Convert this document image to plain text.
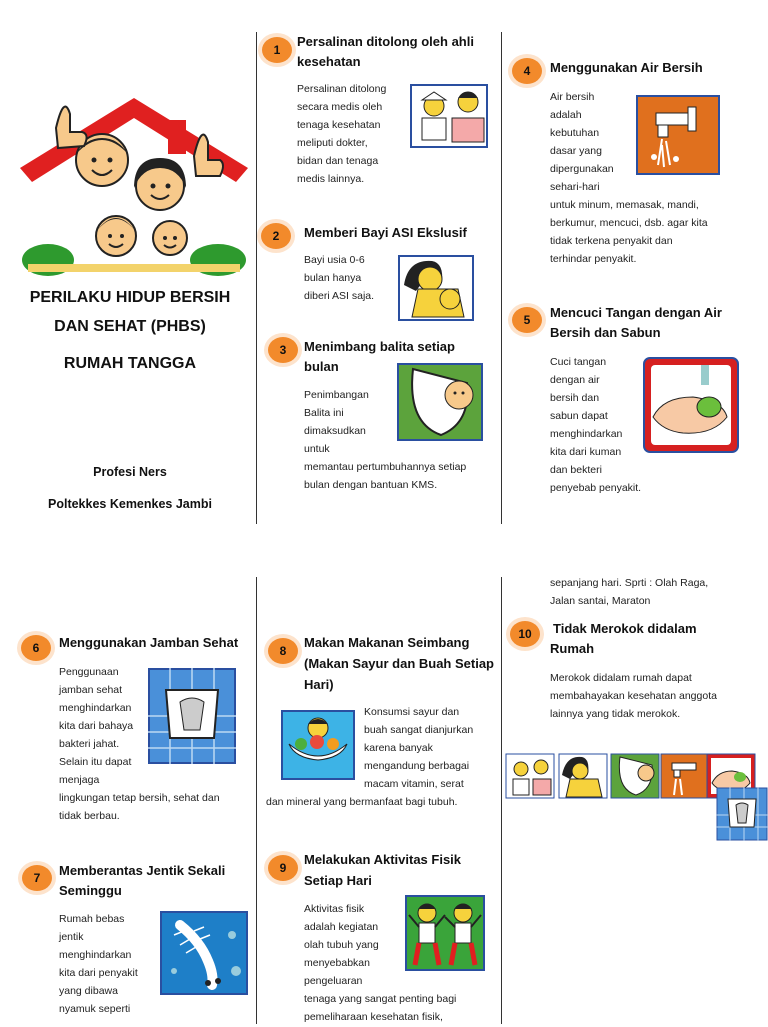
PERILAKU HIDUP BERSIH
DAN SEHAT (PHBS)
RUMAH TANGGA
Profesi Ners
Poltekkes Kemenkes Jambi
1
Persalinan ditolong oleh ahli
kesehatan
Persalinan ditolong
secara medis oleh
tenaga kesehatan
meliputi dokter,
bidan dan tenaga
medis lainnya.
2	Memberi Bayi ASI Ekslusif
Bayi usia 0-6
bulan hanya
diberi ASI saja.
3	Menimbang balita setiap
bulan
Penimbangan
Balita ini
dimaksudkan
untuk
memantau pertumbuhannya setiap
bulan dengan bantuan KMS.
4	Menggunakan Air Bersih
Air bersih
adalah
kebutuhan
dasar yang
dipergunakan
sehari-hari
untuk minum, memasak, mandi,
berkumur, mencuci, dsb. agar kita
tidak terkena penyakit dan
terhindar penyakit.
5	Mencuci Tangan dengan Air
Bersih dan Sabun
Cuci tangan
dengan air
bersih dan
sabun dapat
menghindarkan
kita dari kuman
dan bekteri
penyebab penyakit.
sepanjang hari. Sprti : Olah Raga,
Jalan santai, Maraton
6	Menggunakan Jamban Sehat
Penggunaan
jamban sehat
menghindarkan
kita dari bahaya
bakteri jahat.
Selain itu dapat
menjaga
lingkungan tetap bersih, sehat dan
tidak berbau.
7	Memberantas Jentik Sekali
Seminggu
Rumah bebas
jentik
menghindarkan
kita dari penyakit
yang dibawa
nyamuk seperti
8
Makan Makanan Seimbang
(Makan Sayur dan Buah Setiap
Hari)
Konsumsi sayur dan
buah sangat dianjurkan
karena banyak
mengandung berbagai
macam vitamin, serat
dan mineral yang bermanfaat bagi tubuh.
9
Melakukan Aktivitas Fisik
Setiap Hari
Aktivitas fisik
adalah kegiatan
olah tubuh yang
menyebabkan
pengeluaran
tenaga yang sangat penting bagi
pemeliharaan kesehatan fisik,
10	Tidak Merokok didalam
Rumah
Merokok didalam rumah dapat
membahayakan kesehatan anggota
lainnya yang tidak merokok.
